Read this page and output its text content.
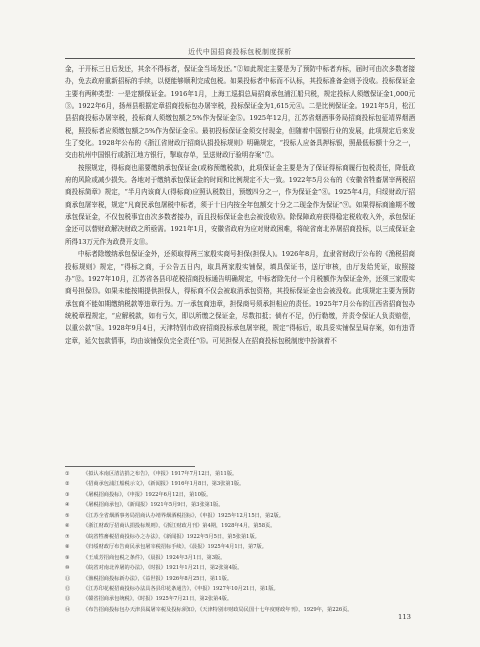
近代中国招商投标包税制度探析

金，于开标三日后发还，其余不得标者，保证金当场发还。”②如此规定主要是为了预防中标者弃标，届时可由次多数者接办，免去政府重新招标的手续，以便能够顺利完成包税。如果投标者中标而不认标，其投标准备金则予没收。投标保证金主要有两种类型：一是定额保证金。1916年1月，上海工巡捐总局招商承包浦江船只税，规定投标人须缴保证金1,000元③。1922年6月，扬州县根据定章招商投标包办屠宰税，投标保证金为1,615元④。二是比例保证金。1921年5月，松江县招商投标办屠宰税，投标商人须缴包额之5%作为保证金⑤。1925年12月，江苏省烟酒事务局招商投标包征靖界烟酒税，照投标者应须缴包额之5%作为保证金⑥。最初投标保证金须交付现金，但随着中国银行业的发展，此项规定后来发生了变化。1928年公布的《浙江省财政厅招商认捐投标规则》明确规定，“投标人应备具押标银，照最低标额十分之一，交由杭州中国银行或浙江地方银行，掣取存单，呈送财政厅验明存案”⑦。

按照规定，得标商也需要缴纳承包保证金(或称预缴税款)，此项保证金主要是为了保证得标商履行包税责任，降低政府的风险或减少损失。各地对于缴纳承包保证金的时间和比例规定不大一致。1922年5月公布的《安徽省牲畜屠宰两税招商投标简章》规定，“半月内该商人(得标商)应照认税数目，预缴四分之一，作为保证金”⑧。1925年4月，归绥财政厅招商承包屠宰税，规定“凡商民承包屠税中标者，须于十日内按全年包额交十分之二现金作为保证”⑨。如果得标商逾期不缴承包保证金，不仅包税事宜由次多数者接办，而且投标保证金也会被没收⑩。除保障政府获得稳定税收收入外，承包保证金还可以替财政解决财政之所亟需。1921年1月，安徽省政府为应对财政困难，将皖省南北养屠招商投标，以三成保证金所得13万元作为政费开支⑪。

中标者除缴纳承包保证金外，还须取得两三家殷实商号担保(担保人)。1926年8月，直隶省财政厅公布的《渔税招商投标规则》规定，“得标之商，于公告五日内，取具两家殷实铺保，填具保证书，送厅审核，由厅发给凭证，取照接办”⑫。1927年10月，江苏省各县印花税招商投标通告明确规定，中标者除先付一个月税额作为保证金外，还须三家殷实商号担保⑬。如果未能按期提供担保人，得标商不仅会被取消承包资格，其投标保证金也会被没收。此项规定主要为预防承包商不能如期缴纳税款等违章行为。万一承包商违章，担保商号须承担相应的责任。1925年7月公布的江西省招商包办统税章程规定，“应解税款，如有亏欠，即以所缴之保证金，尽数扣抵；倘有不足，仍行勒缴，并责令保证人负责赔偿，以重公款”⑭。1928年9月4日，天津特别市政府招商投标承包屠宰税，规定“得标后，取具妥实铺保呈局存案，如有违背定章，延欠包款情事，均由该铺保负完全责任”⑮。可见担保人在招商投标包税制度中扮演着不

①	《拟认本南区清洁捐之布告》，《申报》1917年7月12日，第11版。
②	《招商承包浦江船税示文》，《新闻报》1916年1月8日，第3张第1版。
③	《屠税招商投标》，《申报》1922年6月12日，第10版。
④	《屠税招商承包》，《新闻报》1921年5月9日，第3张第1版。
⑤	《江苏全省烟酒事务局招商认办靖界烟酒税招标》，《申报》1925年12月15日，第2版。
⑥	《浙江财政厅招商认捐投标规则》，《浙江财政月刊》第4期，1928年4月，第58页。
⑦	《皖省牲畜税招商投标办之办法》，《新闻报》1922年5月5日，第5张第1版。
⑧	《归绥财政厅布告商民承包屠宰税招标手续》，《晨报》1925年4月1日，第7版。
⑨	《王成芳招商包税之条件》，《晨报》1924年3月1日，第3版。
⑩	《皖省对南北养屠的办法》，《时报》1921年1月21日，第2张第4版。
⑪	《渔税招商投标新办法》，《益世报》1926年8月25日，第11版。
⑫	《江苏印花税招商投标办法具各县印花条通告》，《申报》1927年10月21日，第1版。
⑬	《赣省招商承包统税》，《时报》1925年7月21日，第2张第4版。
⑭	《布告招商投标包办天津县属屠宰税及投标须知》，《天津特别市财政局民国十七年度财政年刊》，1929年，第226页。
113
